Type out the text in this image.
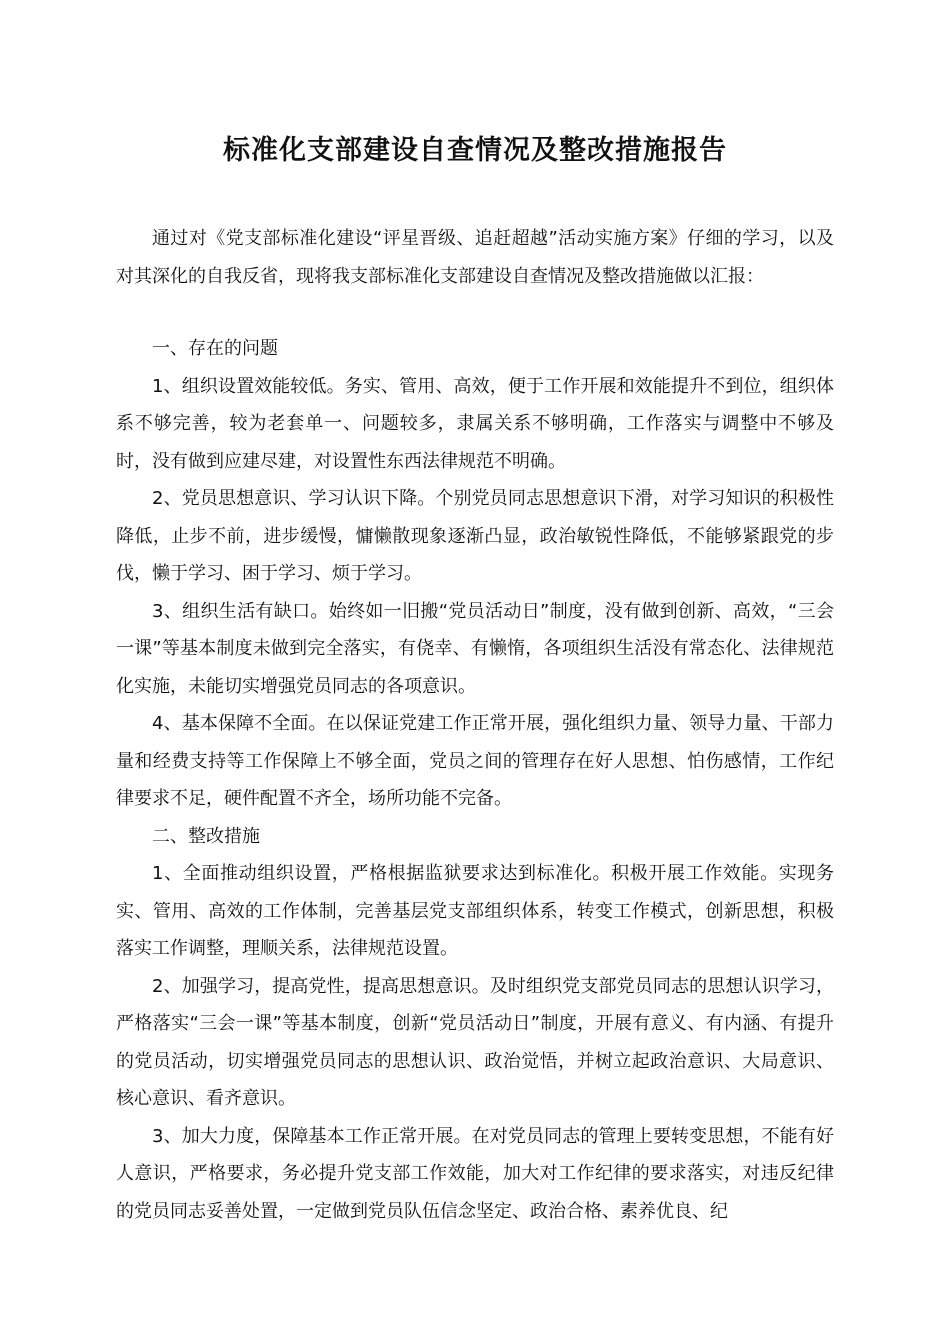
标准化支部建设自查情况及整改措施报告

通过对《党支部标准化建设“评星晋级、追赶超越”活动实施方案》仔细的学习，以及对其深化的自我反省，现将我支部标准化支部建设自查情况及整改措施做以汇报：

一、存在的问题

1、组织设置效能较低。务实、管用、高效，便于工作开展和效能提升不到位，组织体系不够完善，较为老套单一、问题较多，隶属关系不够明确，工作落实与调整中不够及时，没有做到应建尽建，对设置性东西法律规范不明确。

2、党员思想意识、学习认识下降。个别党员同志思想意识下滑，对学习知识的积极性降低，止步不前，进步缓慢，慵懒散现象逐渐凸显，政治敏锐性降低，不能够紧跟党的步伐，懒于学习、困于学习、烦于学习。

3、组织生活有缺口。始终如一旧搬“党员活动日”制度，没有做到创新、高效，“三会一课”等基本制度未做到完全落实，有侥幸、有懒惰，各项组织生活没有常态化、法律规范化实施，未能切实增强党员同志的各项意识。

4、基本保障不全面。在以保证党建工作正常开展，强化组织力量、领导力量、干部力量和经费支持等工作保障上不够全面，党员之间的管理存在好人思想、怕伤感情，工作纪律要求不足，硬件配置不齐全，场所功能不完备。

二、整改措施

1、全面推动组织设置，严格根据监狱要求达到标准化。积极开展工作效能。实现务实、管用、高效的工作体制，完善基层党支部组织体系，转变工作模式，创新思想，积极落实工作调整，理顺关系，法律规范设置。

2、加强学习，提高党性，提高思想意识。及时组织党支部党员同志的思想认识学习，严格落实“三会一课”等基本制度，创新“党员活动日”制度，开展有意义、有内涵、有提升的党员活动，切实增强党员同志的思想认识、政治觉悟，并树立起政治意识、大局意识、核心意识、看齐意识。

3、加大力度，保障基本工作正常开展。在对党员同志的管理上要转变思想，不能有好人意识，严格要求，务必提升党支部工作效能，加大对工作纪律的要求落实，对违反纪律的党员同志妥善处置，一定做到党员队伍信念坚定、政治合格、素养优良、纪
